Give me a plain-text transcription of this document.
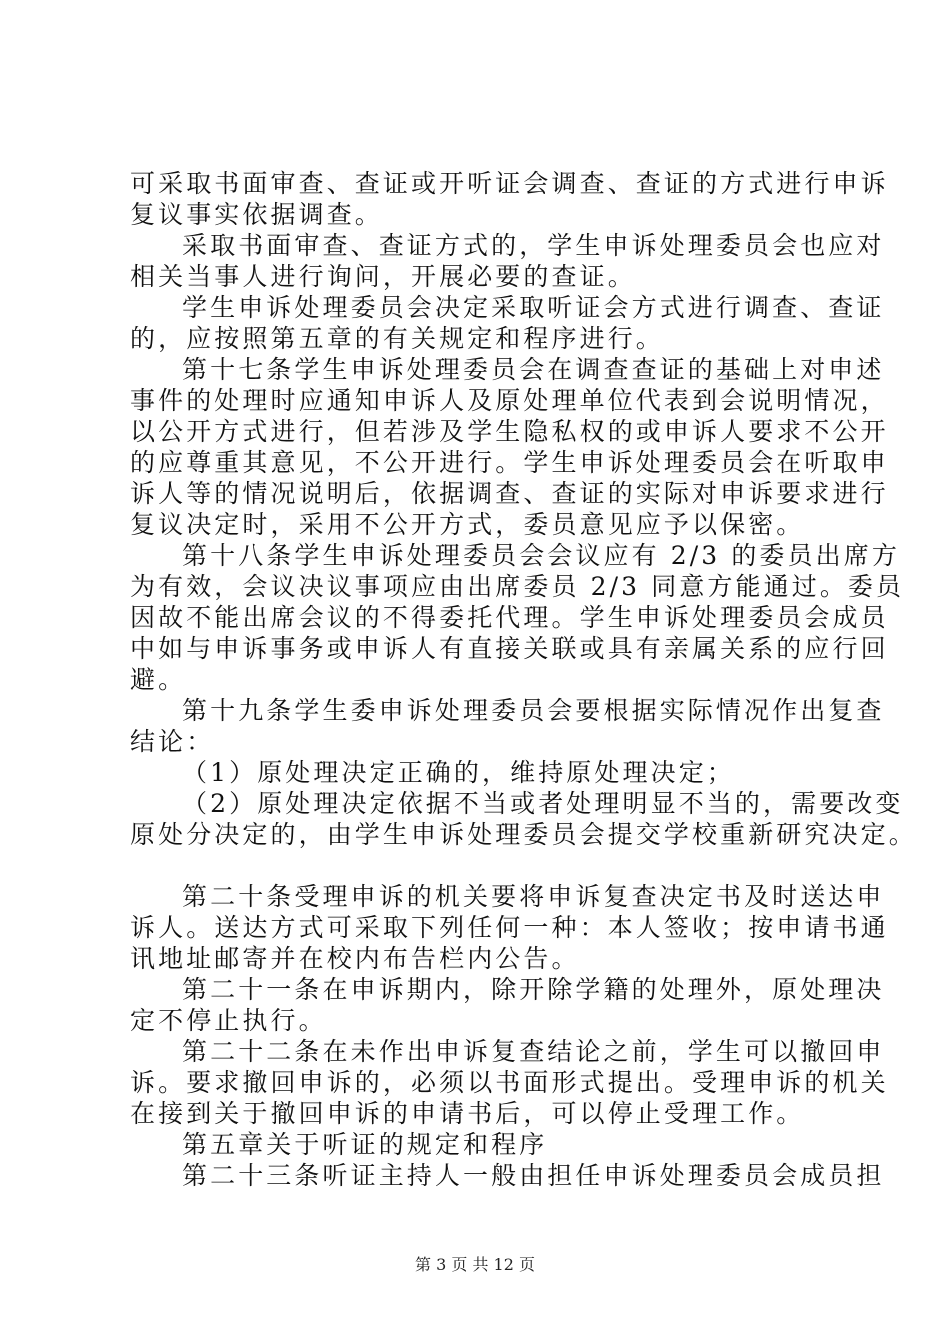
可采取书面审查、查证或开听证会调查、查证的方式进行申诉
复议事实依据调查。
采取书面审查、查证方式的，学生申诉处理委员会也应对
相关当事人进行询问，开展必要的查证。
学生申诉处理委员会决定采取听证会方式进行调查、查证
的，应按照第五章的有关规定和程序进行。
第十七条学生申诉处理委员会在调查查证的基础上对申述
事件的处理时应通知申诉人及原处理单位代表到会说明情况，
以公开方式进行，但若涉及学生隐私权的或申诉人要求不公开
的应尊重其意见，不公开进行。学生申诉处理委员会在听取申
诉人等的情况说明后，依据调查、查证的实际对申诉要求进行
复议决定时，采用不公开方式，委员意见应予以保密。
第十八条学生申诉处理委员会会议应有 2/3 的委员出席方
为有效，会议决议事项应由出席委员 2/3 同意方能通过。委员
因故不能出席会议的不得委托代理。学生申诉处理委员会成员
中如与申诉事务或申诉人有直接关联或具有亲属关系的应行回
避。
第十九条学生委申诉处理委员会要根据实际情况作出复查
结论：
（1）原处理决定正确的，维持原处理决定；
（2）原处理决定依据不当或者处理明显不当的，需要改变
原处分决定的，由学生申诉处理委员会提交学校重新研究决定。
第二十条受理申诉的机关要将申诉复查决定书及时送达申
诉人。送达方式可采取下列任何一种：本人签收；按申请书通
讯地址邮寄并在校内布告栏内公告。
第二十一条在申诉期内，除开除学籍的处理外，原处理决
定不停止执行。
第二十二条在未作出申诉复查结论之前，学生可以撤回申
诉。要求撤回申诉的，必须以书面形式提出。受理申诉的机关
在接到关于撤回申诉的申请书后，可以停止受理工作。
第五章关于听证的规定和程序
第二十三条听证主持人一般由担任申诉处理委员会成员担
第 3 页 共 12 页
